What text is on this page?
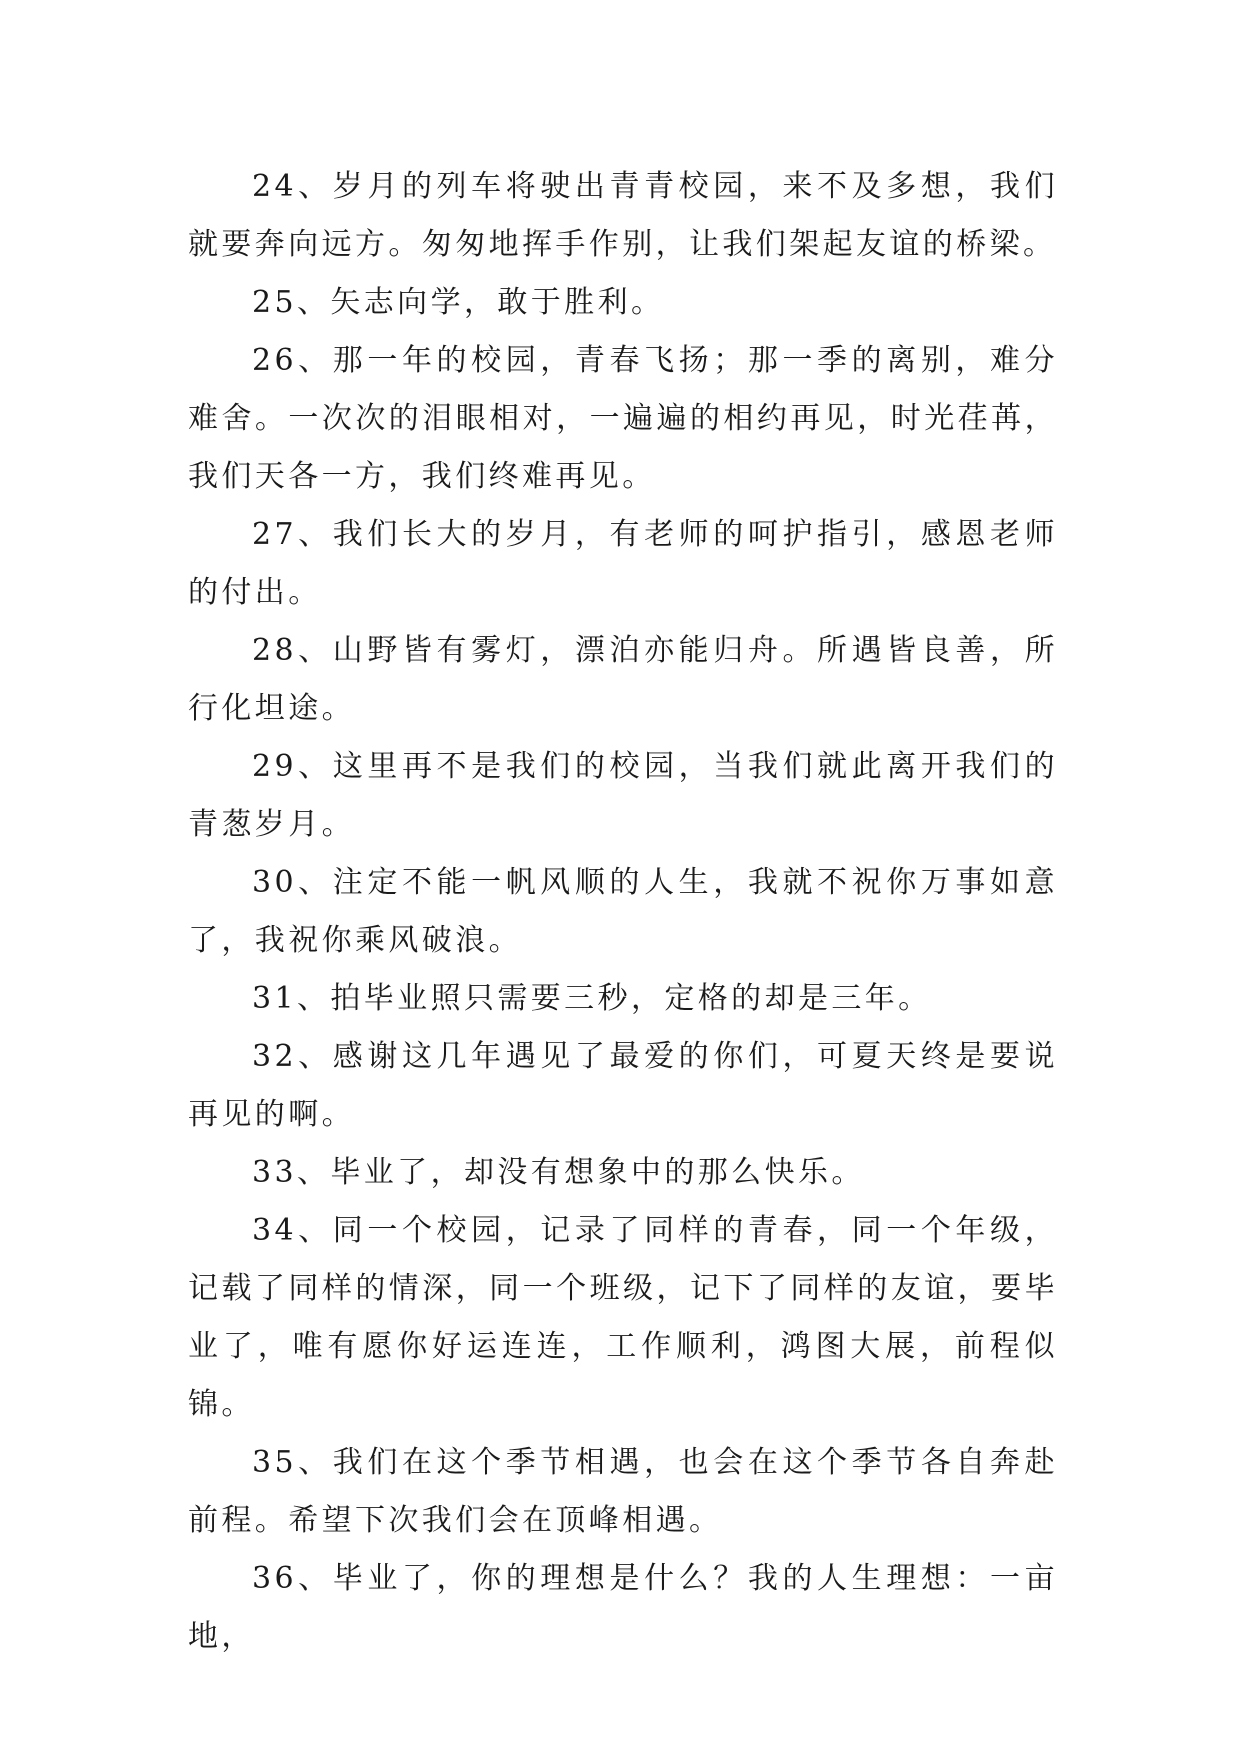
24、岁月的列车将驶出青青校园，来不及多想，我们就要奔向远方。匆匆地挥手作别，让我们架起友谊的桥梁。

25、矢志向学，敢于胜利。

26、那一年的校园，青春飞扬；那一季的离别，难分难舍。一次次的泪眼相对，一遍遍的相约再见，时光荏苒，我们天各一方，我们终难再见。

27、我们长大的岁月，有老师的呵护指引，感恩老师的付出。

28、山野皆有雾灯，漂泊亦能归舟。所遇皆良善，所行化坦途。

29、这里再不是我们的校园，当我们就此离开我们的青葱岁月。

30、注定不能一帆风顺的人生，我就不祝你万事如意了，我祝你乘风破浪。

31、拍毕业照只需要三秒，定格的却是三年。

32、感谢这几年遇见了最爱的你们，可夏天终是要说再见的啊。

33、毕业了，却没有想象中的那么快乐。

34、同一个校园，记录了同样的青春，同一个年级，记载了同样的情深，同一个班级，记下了同样的友谊，要毕业了，唯有愿你好运连连，工作顺利，鸿图大展，前程似锦。

35、我们在这个季节相遇，也会在这个季节各自奔赴前程。希望下次我们会在顶峰相遇。

36、毕业了，你的理想是什么？我的人生理想：一亩地，
